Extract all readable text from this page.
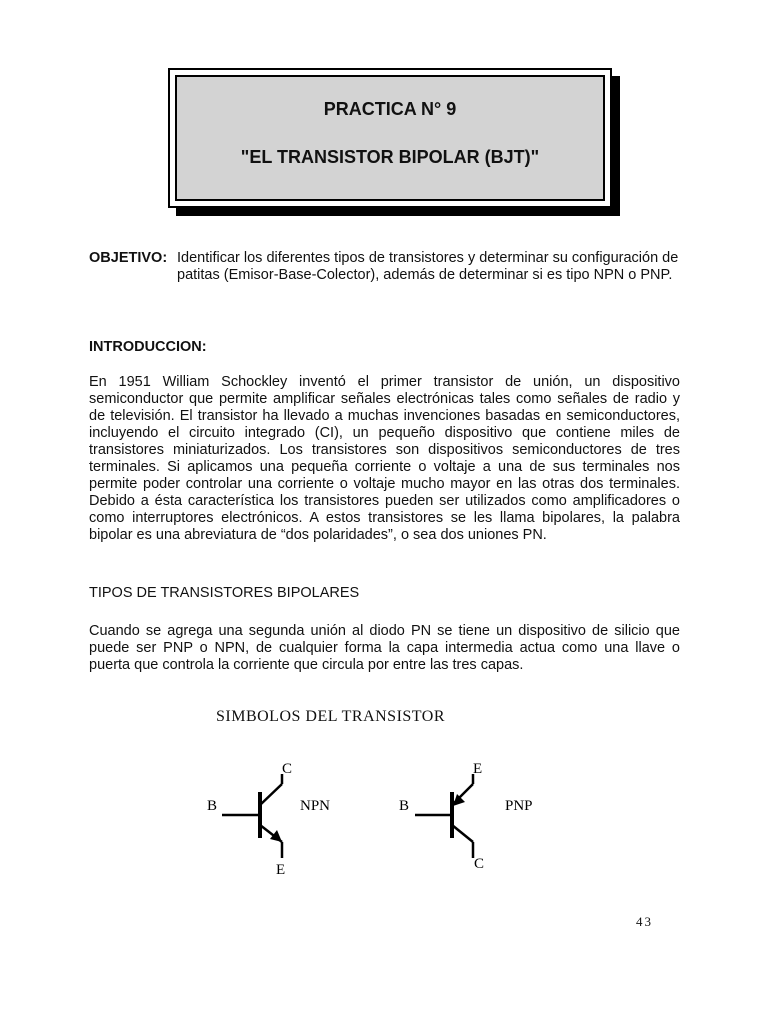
PRACTICA N° 9
"EL TRANSISTOR BIPOLAR (BJT)"
OBJETIVO: Identificar los diferentes tipos de transistores y determinar su configuración de patitas (Emisor-Base-Colector), además de determinar si es tipo NPN o PNP.
INTRODUCCION:
En 1951 William Schockley inventó el primer transistor de unión, un dispositivo semiconductor que permite amplificar señales electrónicas tales como señales de radio y de televisión. El transistor ha llevado a muchas invenciones basadas en semiconductores, incluyendo el circuito integrado (CI), un pequeño dispositivo que contiene miles de transistores miniaturizados. Los transistores son dispositivos semiconductores de tres terminales. Si aplicamos una pequeña corriente o voltaje a una de sus terminales nos permite poder controlar una corriente o voltaje mucho mayor en las otras dos terminales. Debido a ésta característica los transistores pueden ser utilizados como amplificadores o como interruptores electrónicos. A estos transistores se les llama bipolares, la palabra bipolar es una abreviatura de “dos polaridades”, o sea dos uniones PN.
TIPOS DE TRANSISTORES BIPOLARES
Cuando se agrega una segunda unión al diodo PN se tiene un dispositivo de silicio que puede ser PNP o NPN, de cualquier forma la capa intermedia actua como una llave o puerta que controla la corriente que circula por entre las tres capas.
SIMBOLOS DEL TRANSISTOR
C
B	NPN
E
E
B	PNP
C
43
